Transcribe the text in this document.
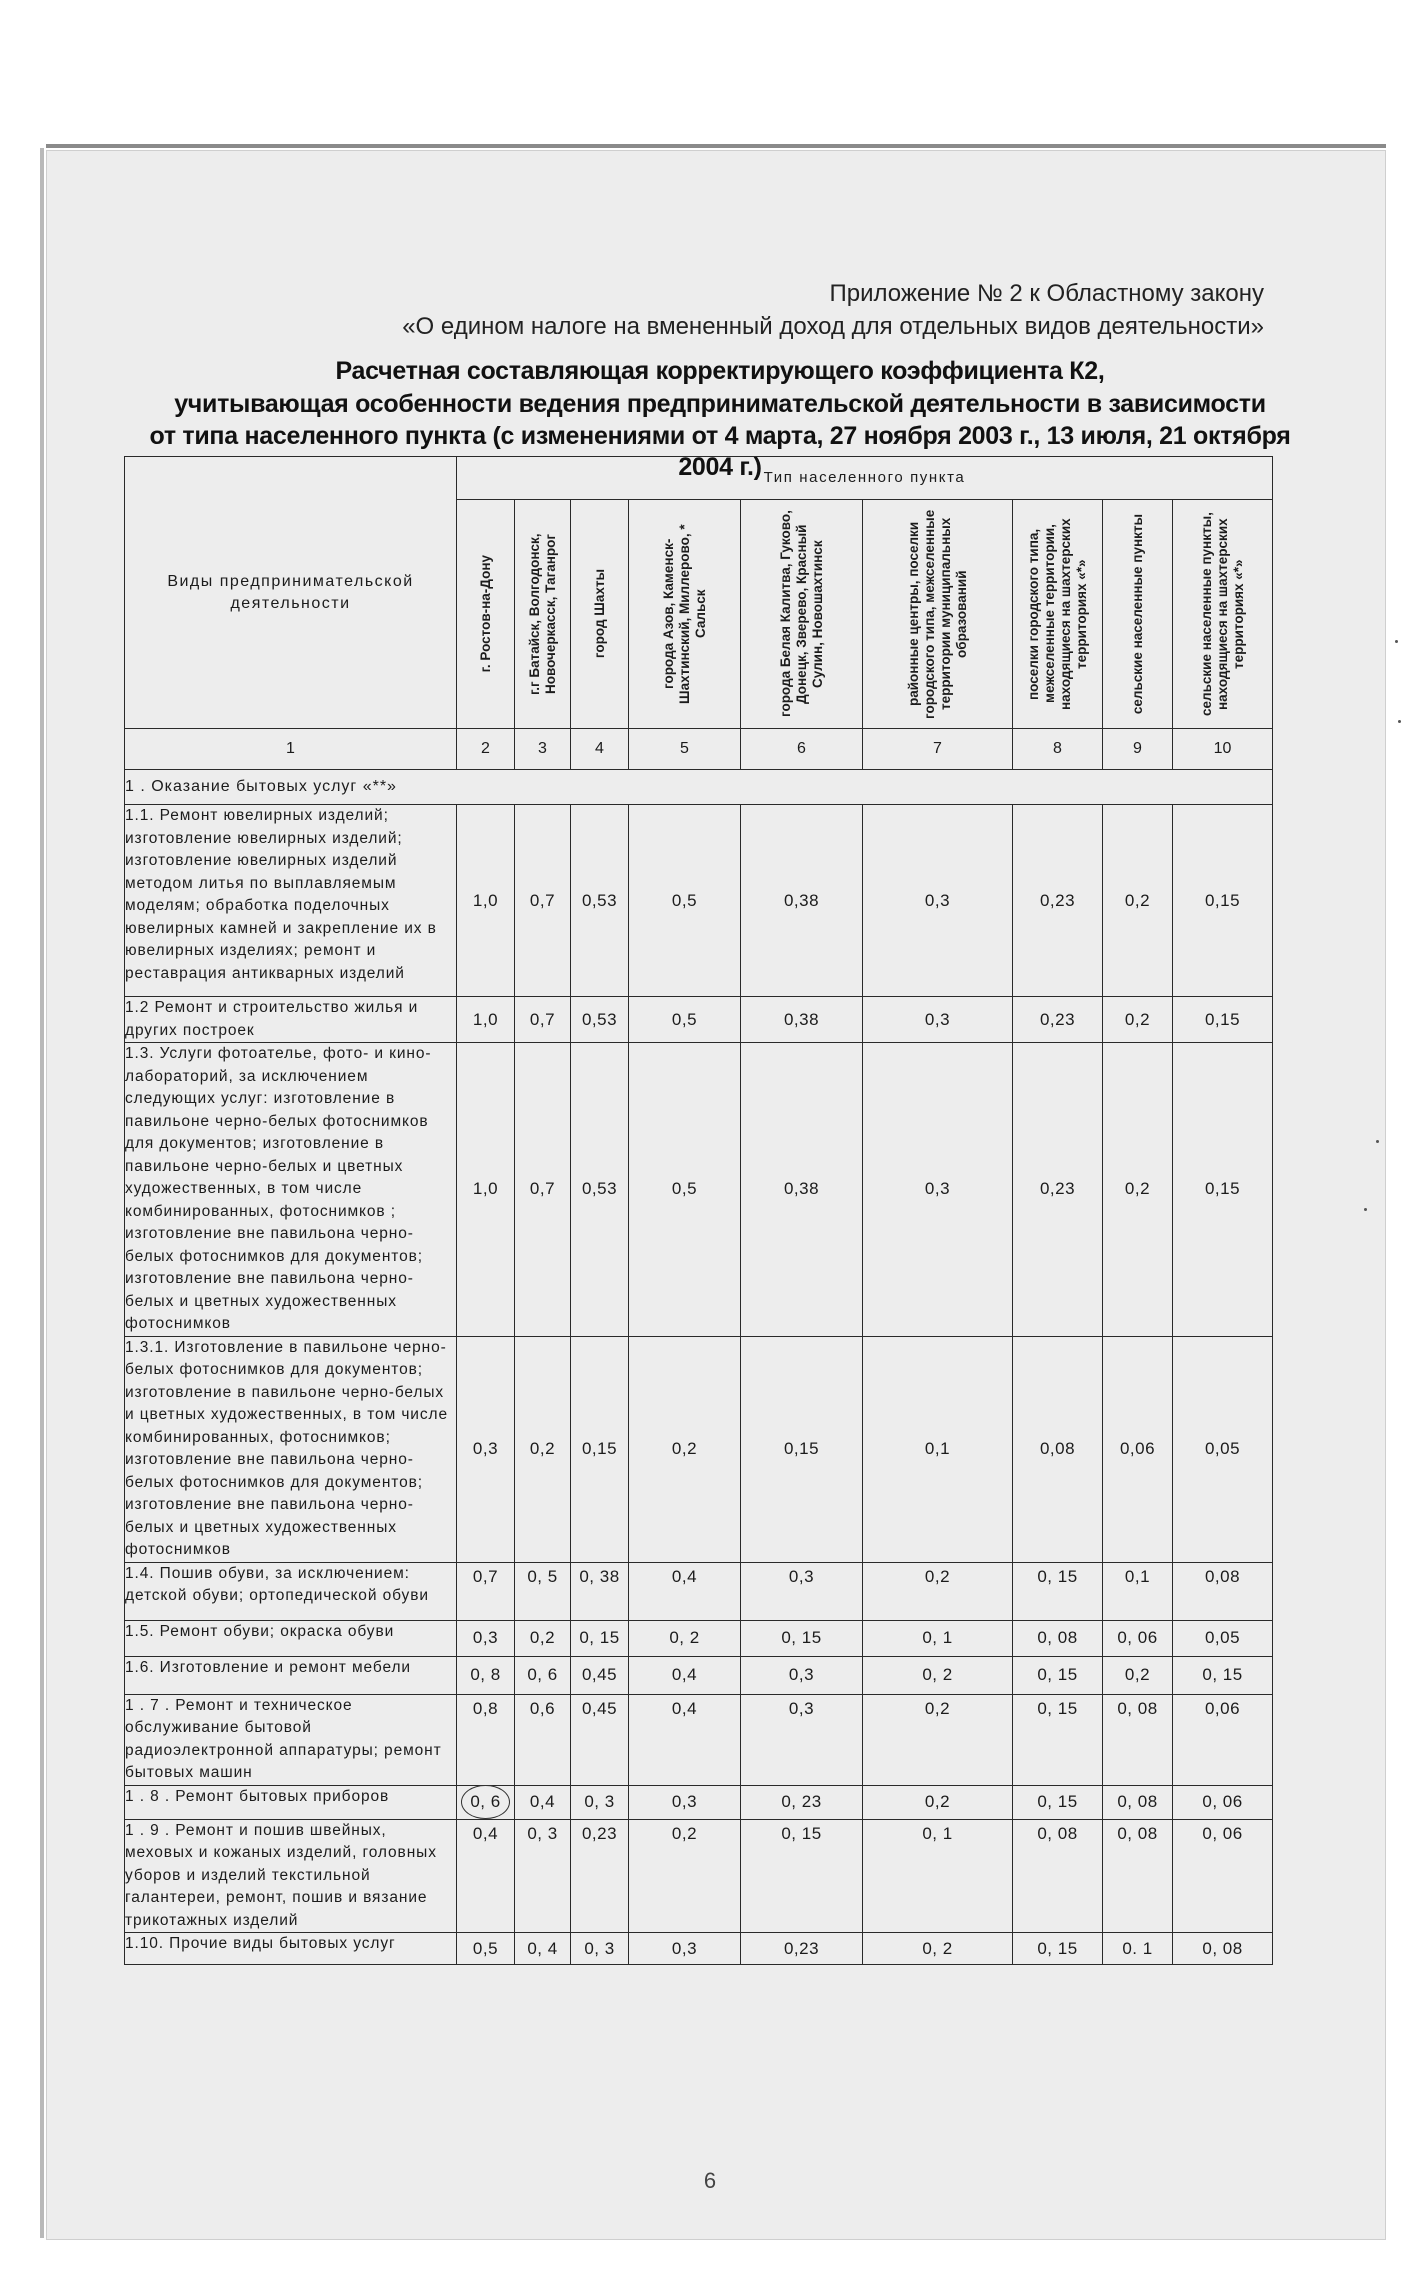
Приложение № 2 к Областному закону
«О едином налоге на вмененный доход для отдельных видов деятельности»
Расчетная составляющая корректирующего коэффициента К2,
учитывающая особенности ведения предпринимательской деятельности в зависимости
от типа населенного пункта (с изменениями от 4 марта, 27 ноября 2003 г., 13 июля, 21 октября 2004 г.)
Виды предпринимательской деятельности	Тип населенного пункта								

	г. Ростов-на-Дону	г.г Батайск, Волгодонск, Новочеркасск, Таганрог	город Шахты	города Азов, Каменск-Шахтинский, Миллерово, * Сальск	города Белая Калитва, Гуково, Донецк, Зверево, Красный Сулин, Новошахтинск	районные центры, поселки городского типа, межселенные территории муниципальных образований	поселки городского типа, межселенные территории, находящиеся на шахтерских территориях «*»	сельские населенные пункты	сельские населенные пункты, находящиеся на шахтерских территориях «*»

1	2	3	4	5	6	7	8	9	10
1 . Оказание бытовых услуг «**»									
1.1. Ремонт ювелирных изделий; изготовление ювелирных изделий; изготовление ювелирных изделий методом литья по выплавляемым моделям; обработка поделочных ювелирных камней и закрепление их в ювелирных изделиях; ремонт и реставрация антикварных изделий	1,0	0,7	0,53	0,5	0,38	0,3	0,23	0,2	0,15
1.2 Ремонт и строительство жилья и других построек	1,0	0,7	0,53	0,5	0,38	0,3	0,23	0,2	0,15
1.3. Услуги фотоателье, фото- и кино-лабораторий, за исключением следующих услуг: изготовление в павильоне черно-белых фотоснимков для документов; изготовление в павильоне черно-белых и цветных художественных, в том числе комбинированных, фотоснимков ; изготовление вне павильона черно-белых фотоснимков для документов; изготовление вне павильона черно-белых и цветных художественных фотоснимков	1,0	0,7	0,53	0,5	0,38	0,3	0,23	0,2	0,15
1.3.1. Изготовление в павильоне черно-белых фотоснимков для документов; изготовление в павильоне черно-белых и цветных художественных, в том числе комбинированных, фотоснимков; изготовление вне павильона черно-белых фотоснимков для документов; изготовление вне павильона черно-белых и цветных художественных фотоснимков	0,3	0,2	0,15	0,2	0,15	0,1	0,08	0,06	0,05
1.4. Пошив обуви, за исключением: детской обуви; ортопедической обуви	0,7	0, 5	0, 38	0,4	0,3	0,2	0, 15	0,1	0,08
1.5. Ремонт обуви; окраска обуви	0,3	0,2	0, 15	0, 2	0, 15	0, 1	0, 08	0, 06	0,05
1.6. Изготовление и ремонт мебели	0, 8	0, 6	0,45	0,4	0,3	0, 2	0, 15	0,2	0, 15
1 . 7 . Ремонт и техническое обслуживание бытовой радиоэлектронной аппаратуры; ремонт бытовых машин	0,8	0,6	0,45	0,4	0,3	0,2	0, 15	0, 08	0,06
1 . 8 . Ремонт бытовых приборов	0, 6	0,4	0, 3	0,3	0, 23	0,2	0, 15	0, 08	0, 06
1 . 9 . Ремонт и пошив швейных, меховых и кожаных изделий, головных уборов и изделий текстильной галантереи, ремонт, пошив и вязание трикотажных изделий	0,4	0, 3	0,23	0,2	0, 15	0, 1	0, 08	0, 08	0, 06
1.10. Прочие виды бытовых услуг	0,5	0, 4	0, 3	0,3	0,23	0, 2	0, 15	0. 1	0, 08
6
